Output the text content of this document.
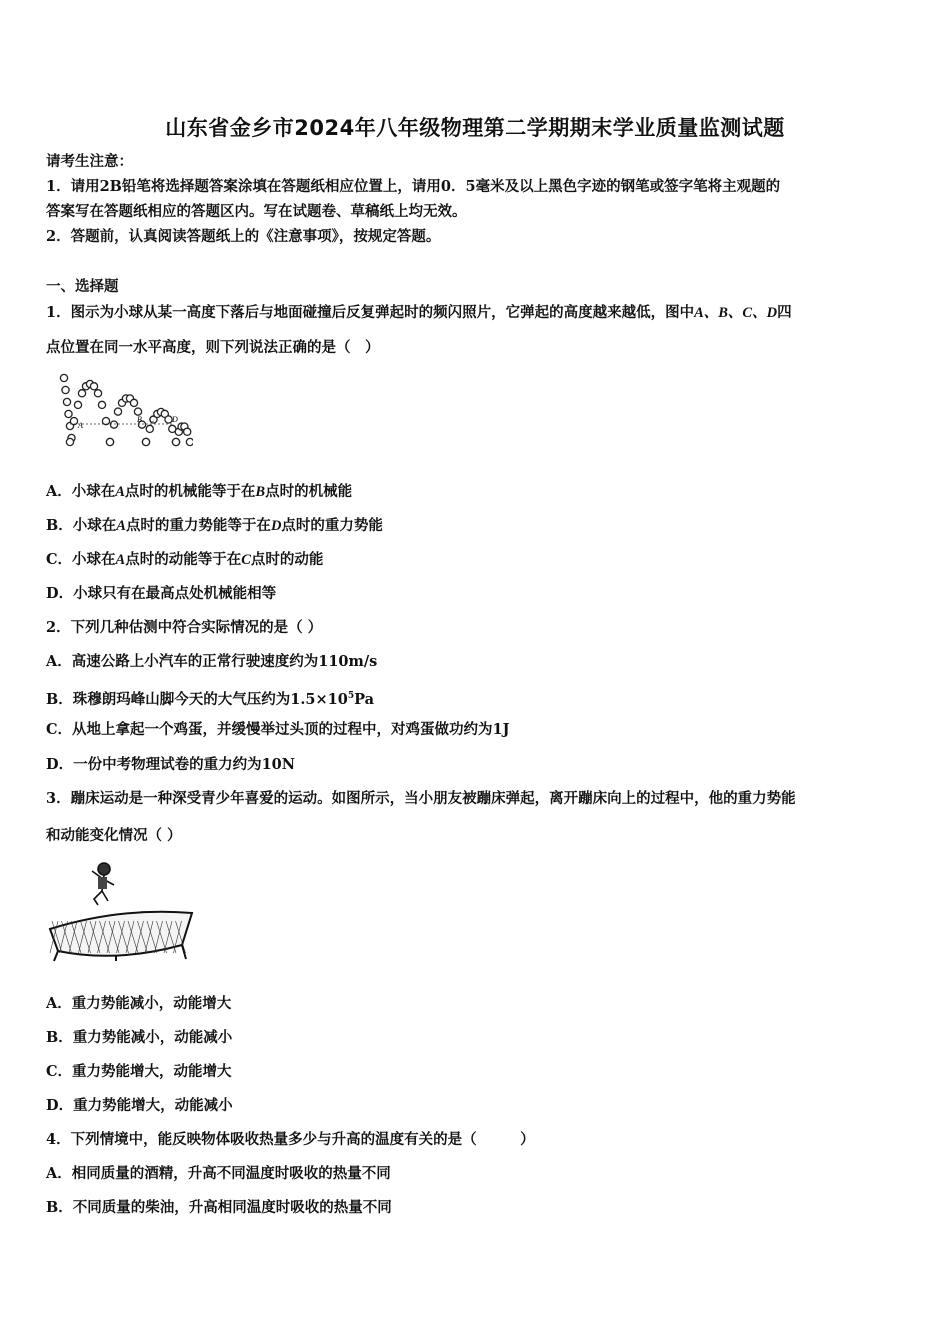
山东省金乡市2024年八年级物理第二学期期末学业质量监测试题
请考生注意：
1．请用2B铅笔将选择题答案涂填在答题纸相应位置上，请用0．5毫米及以上黑色字迹的钢笔或签字笔将主观题的
答案写在答题纸相应的答题区内。写在试题卷、草稿纸上均无效。
2．答题前，认真阅读答题纸上的《注意事项》，按规定答题。
一、选择题
1．图示为小球从某一高度下落后与地面碰撞后反复弹起时的频闪照片，它弹起的高度越来越低，图中A、B、C、D四
点位置在同一水平高度，则下列说法正确的是（　）
A
B C D
A．小球在A点时的机械能等于在B点时的机械能
B．小球在A点时的重力势能等于在D点时的重力势能
C．小球在A点时的动能等于在C点时的动能
D．小球只有在最高点处机械能相等
2．下列几种估测中符合实际情况的是（ ）
A．高速公路上小汽车的正常行驶速度约为110m/s
B．珠穆朗玛峰山脚今天的大气压约为$1.5\times 10^5Pa$
C．从地上拿起一个鸡蛋，并缓慢举过头顶的过程中，对鸡蛋做功约为1J
D．一份中考物理试卷的重力约为10N
3．蹦床运动是一种深受青少年喜爱的运动。如图所示，当小朋友被蹦床弹起，离开蹦床向上的过程中，他的重力势能
和动能变化情况（ ）
A．重力势能减小，动能增大
B．重力势能减小，动能减小
C．重力势能增大，动能增大
D．重力势能增大，动能减小
4．下列情境中，能反映物体吸收热量多少与升高的温度有关的是（　　　）
A．相同质量的酒精，升高不同温度时吸收的热量不同
B．不同质量的柴油，升高相同温度时吸收的热量不同
